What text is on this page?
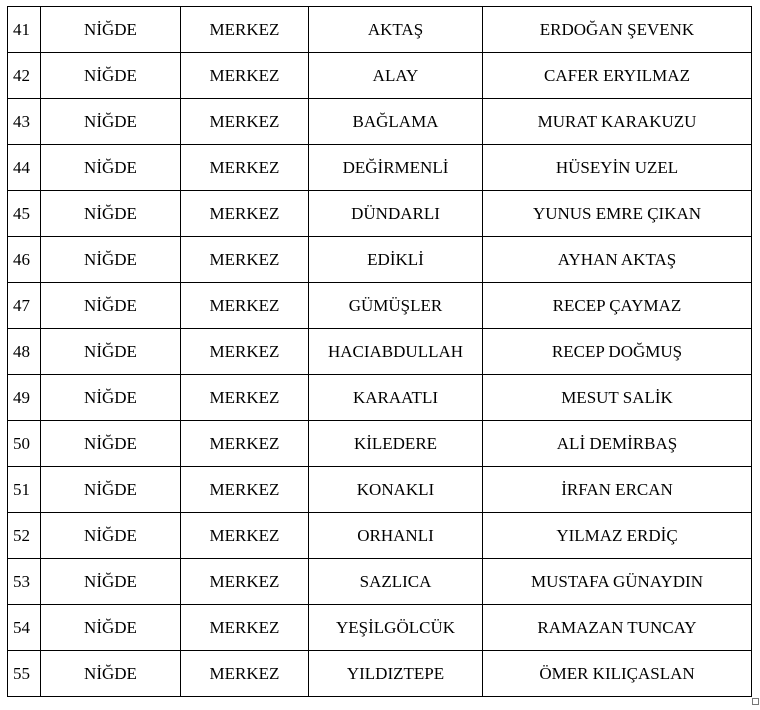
41	NİĞDE	MERKEZ	AKTAŞ	ERDOĞAN ŞEVENK
42	NİĞDE	MERKEZ	ALAY	CAFER ERYILMAZ
43	NİĞDE	MERKEZ	BAĞLAMA	MURAT KARAKUZU
44	NİĞDE	MERKEZ	DEĞİRMENLİ	HÜSEYİN UZEL
45	NİĞDE	MERKEZ	DÜNDARLI	YUNUS EMRE ÇIKAN
46	NİĞDE	MERKEZ	EDİKLİ	AYHAN AKTAŞ
47	NİĞDE	MERKEZ	GÜMÜŞLER	RECEP ÇAYMAZ
48	NİĞDE	MERKEZ	HACIABDULLAH	RECEP DOĞMUŞ
49	NİĞDE	MERKEZ	KARAATLI	MESUT SALİK
50	NİĞDE	MERKEZ	KİLEDERE	ALİ DEMİRBAŞ
51	NİĞDE	MERKEZ	KONAKLI	İRFAN ERCAN
52	NİĞDE	MERKEZ	ORHANLI	YILMAZ ERDİÇ
53	NİĞDE	MERKEZ	SAZLICA	MUSTAFA GÜNAYDIN
54	NİĞDE	MERKEZ	YEŞİLGÖLCÜK	RAMAZAN TUNCAY
55	NİĞDE	MERKEZ	YILDIZTEPE	ÖMER KILIÇASLAN
